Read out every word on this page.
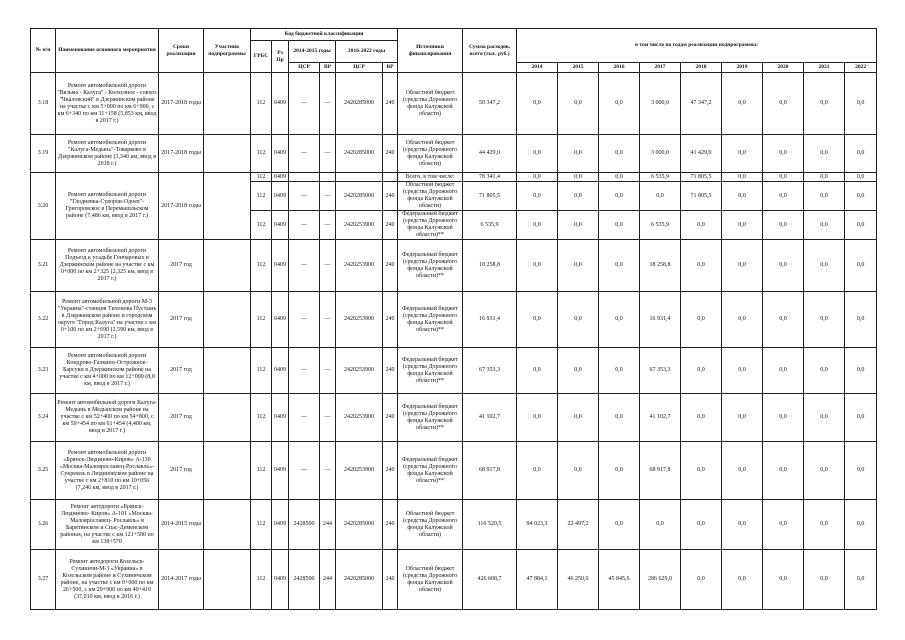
№ п/п	Наименование основного мероприятия	Сроки реализации	Участник подпрограммы	Код бюджетной классификации						Источники финансирования	Сумма расходов, всего (тыс. руб.)	в том числе по годам реализации подпрограммы:								
				ГРБС	Рз Пр	2014-2015 годы		2016-2022 годы												

						ЦСР	ВР	ЦСР	ВР			2014	2015	2016	2017	2018	2019	2020	2021	2022
3.18	Ремонт автомобильной дороги "Вязьма - Калуга" - Колхозное - совхоз "Чкаловский" в Дзержинском районе на участке с км 5+000 по км 6+900, с км 6+340 по км 11+158 (5,853 км, ввод в 2017 г.)	2017-2018 годы		112	0409	—	—	2420285000	240	Областной бюджет (средства Дорожного фонда Калужской области)	50 347,2	0,0	0,0	0,0	3 000,0	47 347,2	0,0	0,0	0,0	0,0
3.19	Ремонт автомобильной дороги "Калуга-Медынь"-Товарково в Дзержинском районе (3,340 км, ввод в 2018 г.)	2017-2018 годы		112	0409	—	—	2420285000	240	Областной бюджет (средства Дорожного фонда Калужской области)	44 429,0	0,0	0,0	0,0	3 000,0	41 429,0	0,0	0,0	0,0	0,0
3.20	Ремонт автомобильной дороги "Глодневка-Суворов-Одоев"-Григоровское в Перемышльском районе (7,486 км, ввод в 2017 г.)	2017-2018 годы		112	0409					Всего, в том числе:	78 341,4	0,0	0,0	0,0	6 535,9	71 805,5	0,0	0,0	0,0	0,0
				112	0409	—	—	2420285000	240	Областной бюджет (средства Дорожного фонда Калужской области)	71 805,5	0,0	0,0	0,0	0,0	71 805,5	0,0	0,0	0,0	0,0
				112	0409	—	—	2420253900	240	Федеральный бюджет (средства Дорожного фонда Калужской области)**	6 535,9	0,0	0,0	0,0	6 535,9	0,0	0,0	0,0	0,0	0,0
3.21	Ремонт автомобильной дороги Подъезд к усадьбе Гончаровых в Дзержинском районе на участке с км 0+000 по км 2+325 (2,325 км, ввод в 2017 г.)	2017 год		112	0409	—	—	2420253900	240	Федеральный бюджет (средства Дорожного фонда Калужской области)**	18 258,8	0,0	0,0	0,0	18 258,8	0,0	0,0	0,0	0,0	0,0
3.22	Ремонт автомобильной дороги М-3 "Украина"-станция Тихонова Пустынь в Дзержинском районе и городском округе "Город Калуга" на участке с км 0+100 по км 2+690 (2,590 км, ввод в 2017 г.)	2017 год		112	0409	—	—	2420253900	240	Федеральный бюджет (средства Дорожного фонда Калужской области)**	16 931,4	0,0	0,0	0,0	16 931,4	0,0	0,0	0,0	0,0	0,0
3.23	Ремонт автомобильной дороги Кондрово-Галкино-Острожное-Барсуки в Дзержинском районе на участке с км 4+000 по км 12+000 (8,0 км, ввод в 2017 г.)	2017 год		112	0409	—	—	2420253900	240	Федеральный бюджет (средства Дорожного фонда Калужской области)**	67 353,3	0,0	0,0	0,0	67 353,3	0,0	0,0	0,0	0,0	0,0
3.24	Ремонт автомобильной дороги Калуга-Медынь в Медынском районе на участке с км 52+400 по км 54+800, с км 59+454 по км 61+454 (4,400 км, ввод в 2017 г.)	2017 год		112	0409	—	—	2420253900	240	Федеральный бюджет (средства Дорожного фонда Калужской области)**	41 102,7	0,0	0,0	0,0	41 102,7	0,0	0,0	0,0	0,0	0,0
3.25	Ремонт автомобильной дороги «Брянск-Людиново-Киров» А-130 «Москва-Малоярославец-Рославль»-Сукремль в Людиновском районе на участке с км 2+810 по км 10+056 (7,246 км, ввод в 2017 г.)	2017 год		112	0409	—	—	2420253900	240	Федеральный бюджет (средства Дорожного фонда Калужской области)**	68 917,8	0,0	0,0	0,0	68 917,8	0,0	0,0	0,0	0,0	0,0
3.26	Ремонт автодороги «Брянск-Людиново- Киров» А-101 «Москва-Малоярославец- Рославль» в Барятинском и Спас-Деменском районах, на участке с км 121+500 по км 138+570	2014-2015 годы		112	0409	2428500	244	2420285000	240	Областной бюджет (средства Дорожного фонда Калужской области)	116 520,5	94 023,3	22 497,2	0,0	0,0	0,0	0,0	0,0	0,0	0,0
3.27	Ремонт автодороги Козельск-Сухиничи-М-3 «Украина» в Козельском районе и Сухиничском районе, на участке с км 0+000 по км 26+500, с км 29+900 по км 40+410 (37,010 км, ввод в 2016 г.)	2014-2017 годы		112	0409	2428500	244	2420285000	240	Областной бюджет (средства Дорожного фонда Калужской области)	426 608,7	47 884,1	46 250,0	45 845,6	286 629,0	0,0	0,0	0,0	0,0	0,0
